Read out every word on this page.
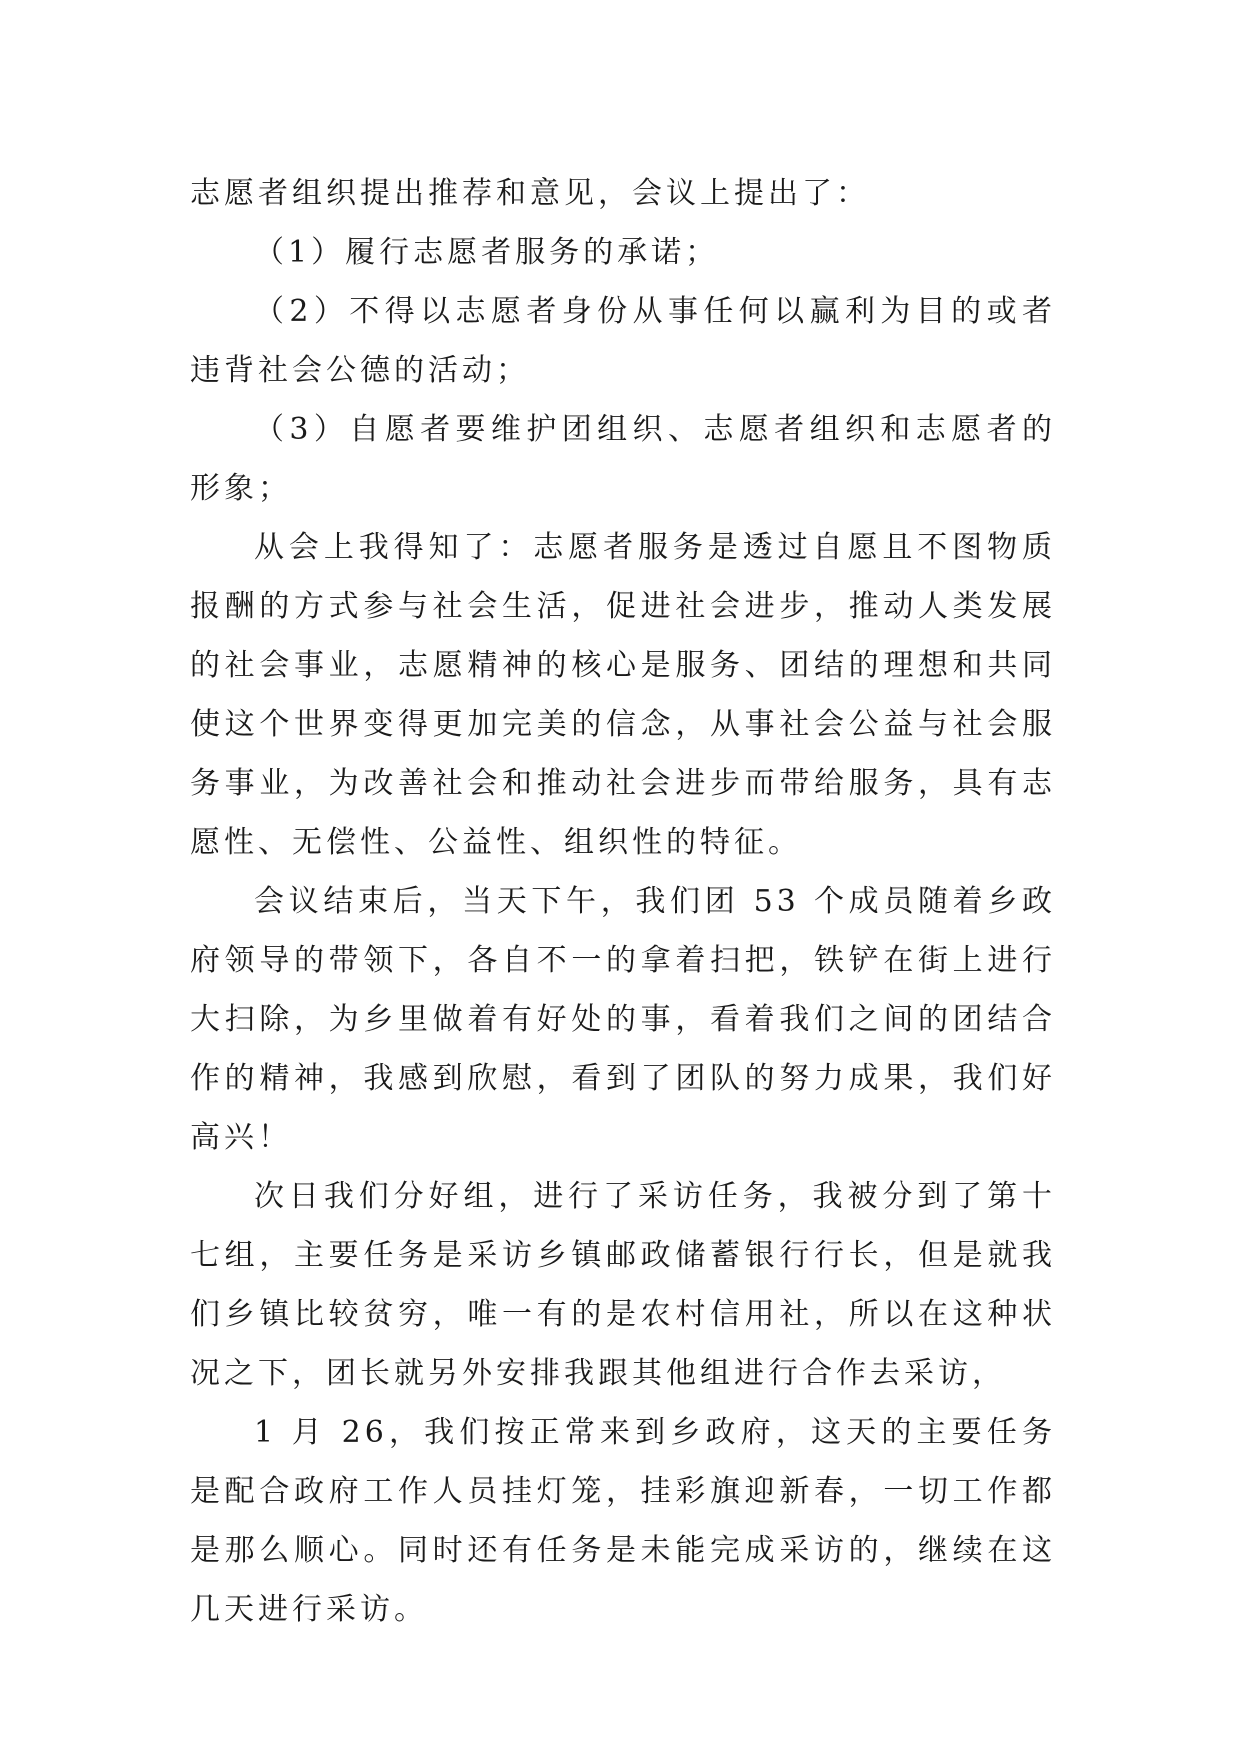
志愿者组织提出推荐和意见，会议上提出了：

（1）履行志愿者服务的承诺；

（2）不得以志愿者身份从事任何以赢利为目的或者违背社会公德的活动；

（3）自愿者要维护团组织、志愿者组织和志愿者的形象；

从会上我得知了：志愿者服务是透过自愿且不图物质报酬的方式参与社会生活，促进社会进步，推动人类发展的社会事业，志愿精神的核心是服务、团结的理想和共同使这个世界变得更加完美的信念，从事社会公益与社会服务事业，为改善社会和推动社会进步而带给服务，具有志愿性、无偿性、公益性、组织性的特征。

会议结束后，当天下午，我们团 53 个成员随着乡政府领导的带领下，各自不一的拿着扫把，铁铲在街上进行大扫除，为乡里做着有好处的事，看着我们之间的团结合作的精神，我感到欣慰，看到了团队的努力成果，我们好高兴！

次日我们分好组，进行了采访任务，我被分到了第十七组，主要任务是采访乡镇邮政储蓄银行行长，但是就我们乡镇比较贫穷，唯一有的是农村信用社，所以在这种状况之下，团长就另外安排我跟其他组进行合作去采访，

1 月 26，我们按正常来到乡政府，这天的主要任务是配合政府工作人员挂灯笼，挂彩旗迎新春，一切工作都是那么顺心。同时还有任务是未能完成采访的，继续在这几天进行采访。
